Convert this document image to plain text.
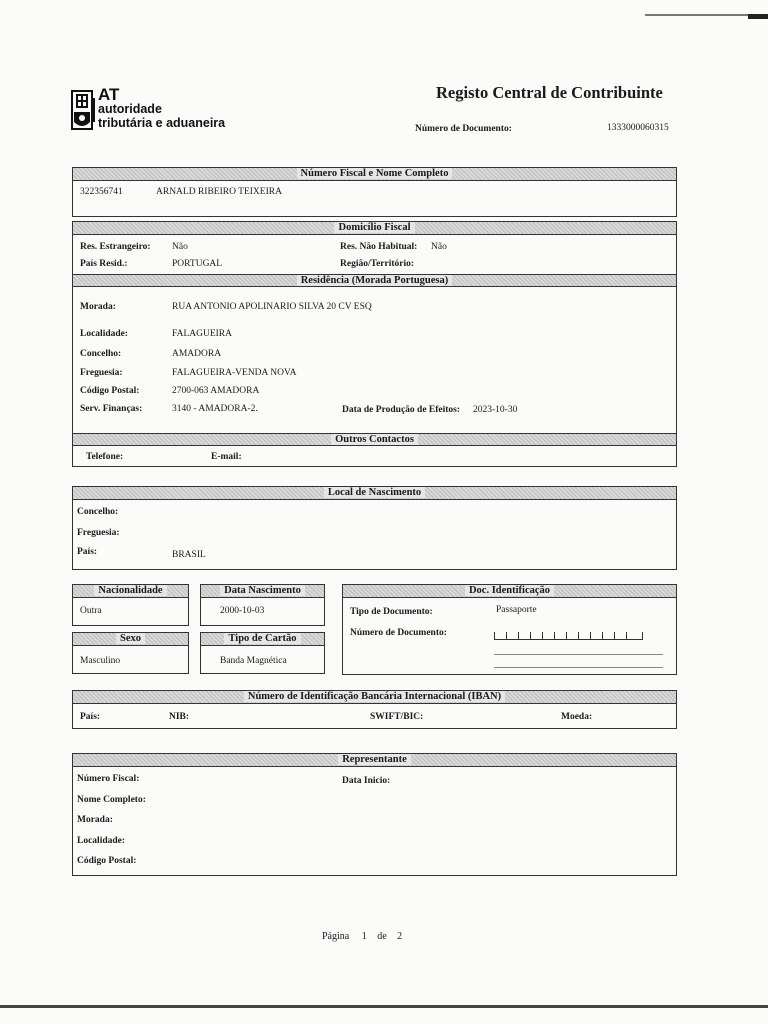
AT
autoridade
tributária e aduaneira
Registo Central de Contribuinte
Número de Documento:	1333000060315
Número Fiscal e Nome Completo
322356741	ARNALD RIBEIRO TEIXEIRA
Domicílio Fiscal
Res. Estrangeiro: Não	Res. Não Habitual: Não
País Resid.:	PORTUGAL	Região/Território:
Residência (Morada Portuguesa)
Morada:	RUA ANTONIO APOLINARIO SILVA 20 CV ESQ
Localidade:	FALAGUEIRA
Concelho:	AMADORA
Freguesia:	FALAGUEIRA-VENDA NOVA
Código Postal:	2700-063 AMADORA
Serv. Finanças:	3140 - AMADORA-2.	Data de Produção de Efeitos: 2023-10-30
Outros Contactos
Telefone:	E-mail:
Local de Nascimento
Concelho:
Freguesia:
País:	BRASIL
Nacionalidade
Outra
Data Nascimento
2000-10-03
Sexo
Masculino
Tipo de Cartão
Banda Magnética
Doc. Identificação
Tipo de Documento:	Passaporte
Número de Documento:
Número de Identificação Bancária Internacional (IBAN)
País:	NIB:	SWIFT/BIC:	Moeda:
Representante
Número Fiscal:	Data Inicio:
Nome Completo:
Morada:
Localidade:
Código Postal:
Página 1 de 2
